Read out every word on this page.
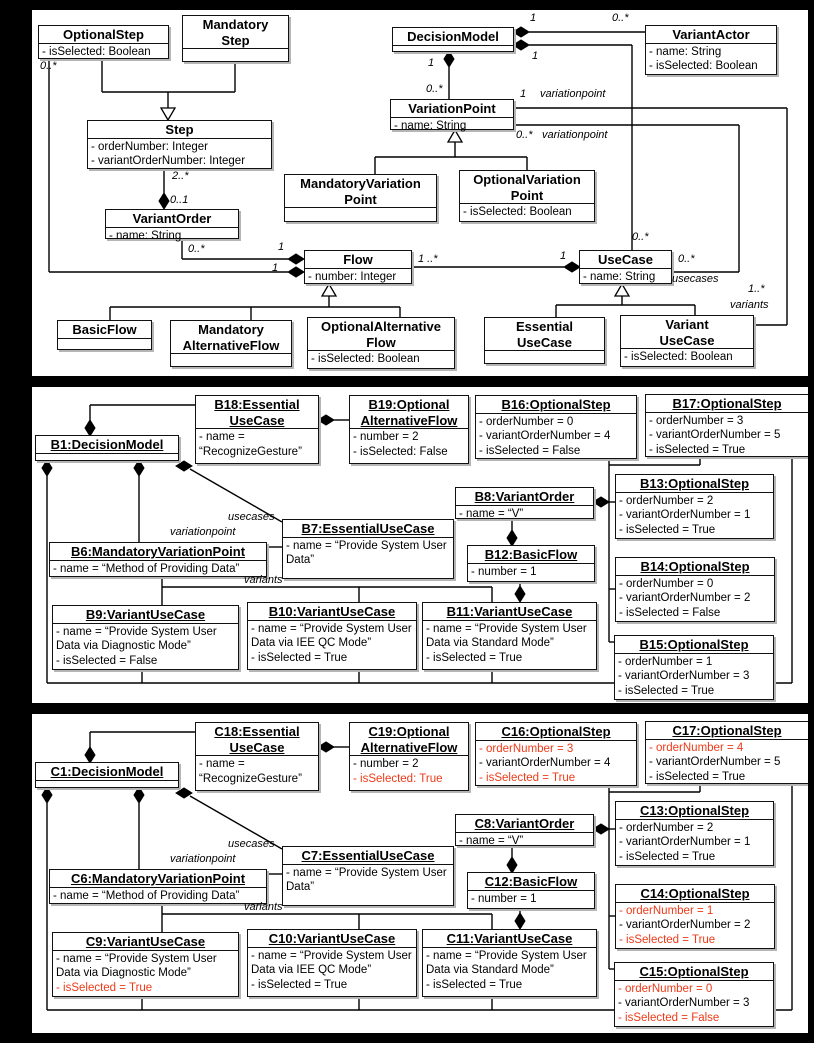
OptionalStep
- isSelected: Boolean
Mandatory
Step	DecisionModel	VariantActor
- name: String
- isSelected: Boolean
VariationPoint
- name: String
Step
- orderNumber: Integer
- variantOrderNumber: Integer
MandatoryVariation
Point
OptionalVariation
Point
- isSelected: Boolean
VariantOrder
- name: String
Flow
- number: Integer
UseCase
- name: String
BasicFlow	Mandatory
AlternativeFlow
OptionalAlternative
Flow
- isSelected: Boolean
Essential
UseCase
Variant
UseCase
- isSelected: Boolean
0..*
2..*
0..1
0..*	1
1
1 ..*	1
1	0..*
1
1
0..*	1 variationpoint
0..* variationpoint
0..*
0..*
usecases
1..*
variants
B1:DecisionModel
B18:Essential
UseCase
- name =
“RecognizeGesture”
B19:Optional
AlternativeFlow
- number = 2
- isSelected: False
B16:OptionalStep
- orderNumber = 0
- variantOrderNumber = 4
- isSelected = False
B17:OptionalStep
- orderNumber = 3
- variantOrderNumber = 5
- isSelected = True
B8:VariantOrder
- name = “V”
B13:OptionalStep
- orderNumber = 2
- variantOrderNumber = 1
- isSelected = True
B7:EssentialUseCase
- name = “Provide System User Data”
B6:MandatoryVariationPoint
- name = “Method of Providing Data”
B12:BasicFlow
- number = 1	B14:OptionalStep
- orderNumber = 0
- variantOrderNumber = 2
- isSelected = False
B9:VariantUseCase
- name = “Provide System User Data via Diagnostic Mode”
- isSelected = False
B10:VariantUseCase
- name = “Provide System User Data via IEE QC Mode”
- isSelected = True
B11:VariantUseCase
- name = “Provide System User Data via Standard Mode”
- isSelected = True
B15:OptionalStep
- orderNumber = 1
- variantOrderNumber = 3
- isSelected = True
usecases
variationpoint
variants
C1:DecisionModel
C18:Essential
UseCase
- name =
“RecognizeGesture”
C19:Optional
AlternativeFlow
- number = 2
- isSelected: True
C16:OptionalStep
- orderNumber = 3
- variantOrderNumber = 4
- isSelected = True
C17:OptionalStep
- orderNumber = 4
- variantOrderNumber = 5
- isSelected = True
C8:VariantOrder
- name = “V”
C13:OptionalStep
- orderNumber = 2
- variantOrderNumber = 1
- isSelected = True
C7:EssentialUseCase
- name = “Provide System User Data”
C6:MandatoryVariationPoint
- name = “Method of Providing Data”
C12:BasicFlow
- number = 1	C14:OptionalStep
- orderNumber = 1
- variantOrderNumber = 2
- isSelected = True
C9:VariantUseCase
- name = “Provide System User Data via Diagnostic Mode”
- isSelected = True
C10:VariantUseCase
- name = “Provide System User Data via IEE QC Mode”
- isSelected = True
C11:VariantUseCase
- name = “Provide System User Data via Standard Mode”
- isSelected = True
C15:OptionalStep
- orderNumber = 0
- variantOrderNumber = 3
- isSelected = False
usecases
variationpoint
variants
